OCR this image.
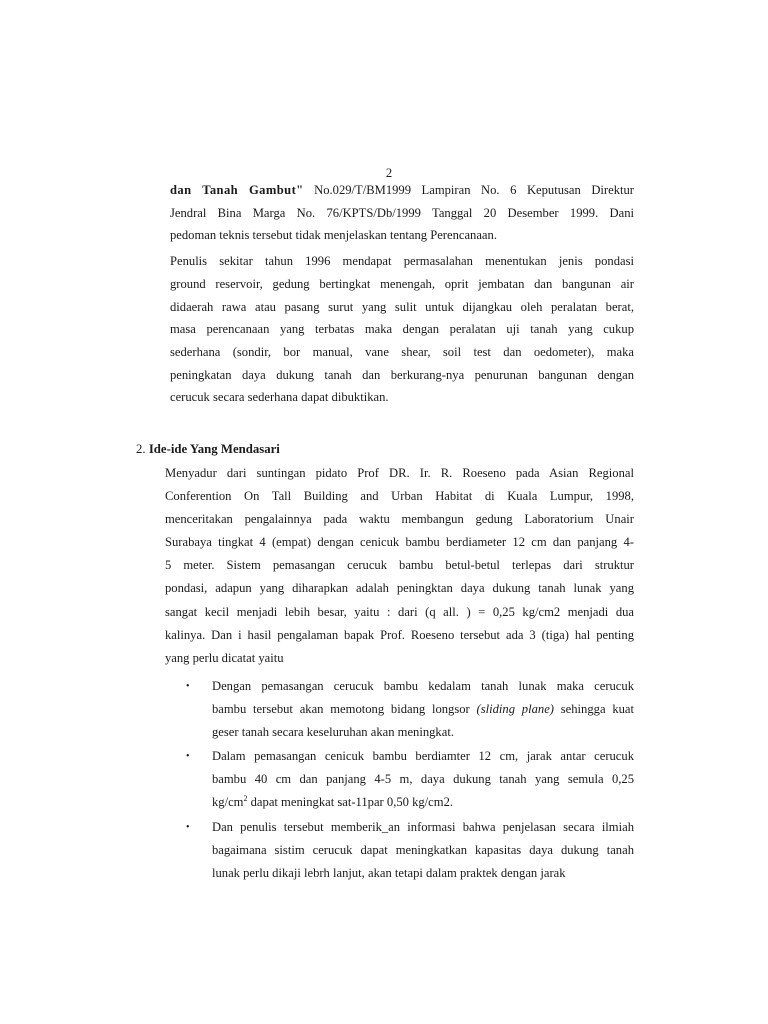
2
dan Tanah Gambut" No.029/T/BM1999 Lampiran No. 6 Keputusan Direktur
Jendral Bina Marga No. 76/KPTS/Db/1999 Tanggal 20 Desember 1999. Dani
pedoman teknis tersebut tidak menjelaskan tentang Perencanaan.
Penulis sekitar tahun 1996 mendapat permasalahan menentukan jenis pondasi
ground reservoir, gedung bertingkat menengah, oprit jembatan dan bangunan air
didaerah rawa atau pasang surut yang sulit untuk dijangkau oleh peralatan berat,
masa perencanaan yang terbatas maka dengan peralatan uji tanah yang cukup
sederhana (sondir, bor manual, vane shear, soil test dan oedometer), maka
peningkatan daya dukung tanah dan berkurang-nya penurunan bangunan dengan
cerucuk secara sederhana dapat dibuktikan.
2. Ide-ide Yang Mendasari
Menyadur dari suntingan pidato Prof DR. Ir. R. Roeseno pada Asian Regional
Conferention On Tall Building and Urban Habitat di Kuala Lumpur, 1998,
menceritakan pengalainnya pada waktu membangun gedung Laboratorium Unair
Surabaya tingkat 4 (empat) dengan cenicuk bambu berdiameter 12 cm dan panjang 4-
5 meter. Sistem pemasangan cerucuk bambu betul-betul terlepas dari struktur
pondasi, adapun yang diharapkan adalah peningktan daya dukung tanah lunak yang
sangat kecil menjadi lebih besar, yaitu : dari (q all. ) = 0,25 kg/cm2 menjadi dua
kalinya. Dan i hasil pengalaman bapak Prof. Roeseno tersebut ada 3 (tiga) hal penting
yang perlu dicatat yaitu
• Dengan pemasangan cerucuk bambu kedalam tanah lunak maka cerucuk
bambu tersebut akan memotong bidang longsor (sliding plane) sehingga kuat
geser tanah secara keseluruhan akan meningkat.
• Dalam pemasangan cenicuk bambu berdiamter 12 cm, jarak antar cerucuk
bambu 40 cm dan panjang 4-5 m, daya dukung tanah yang semula 0,25
$kg/cm^2$ dapat meningkat sat-11par 0,50 kg/cm2.
• Dan penulis tersebut memberik_an informasi bahwa penjelasan secara ilmiah
bagaimana sistim cerucuk dapat meningkatkan kapasitas daya dukung tanah
lunak perlu dikaji lebrh lanjut, akan tetapi dalam praktek dengan jarak
